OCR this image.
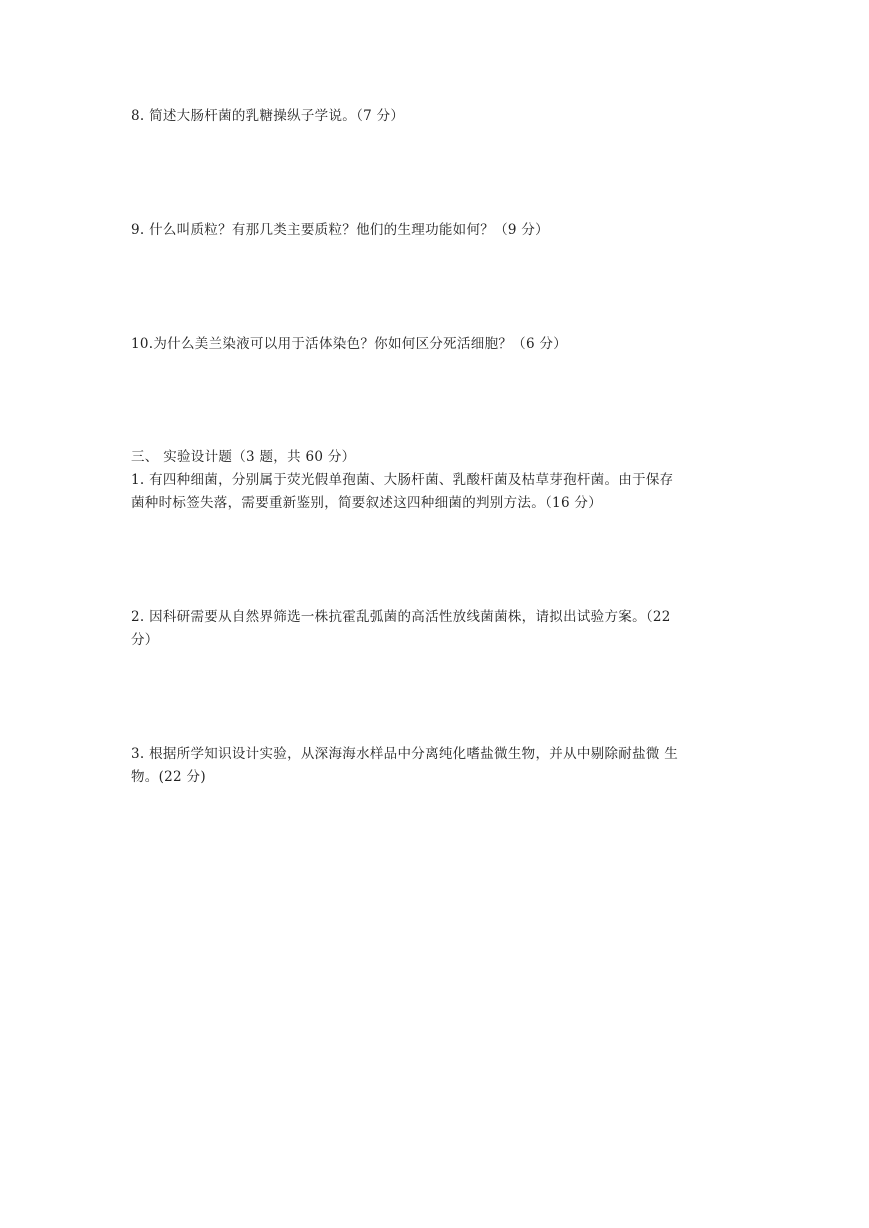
8. 简述大肠杆菌的乳糖操纵子学说。（7 分）
9. 什么叫质粒？有那几类主要质粒？他们的生理功能如何？（9 分）
10.为什么美兰染液可以用于活体染色？你如何区分死活细胞？（6 分）
三、 实验设计题（3 题，共 60 分）
1. 有四种细菌，分别属于荧光假单孢菌、大肠杆菌、乳酸杆菌及枯草芽孢杆菌。由于保存
菌种时标签失落，需要重新鉴别，简要叙述这四种细菌的判别方法。（16 分）
2. 因科研需要从自然界筛选一株抗霍乱弧菌的高活性放线菌菌株，请拟出试验方案。（22
分）
3. 根据所学知识设计实验，从深海海水样品中分离纯化嗜盐微生物，并从中剔除耐盐微 生
物。(22 分)
